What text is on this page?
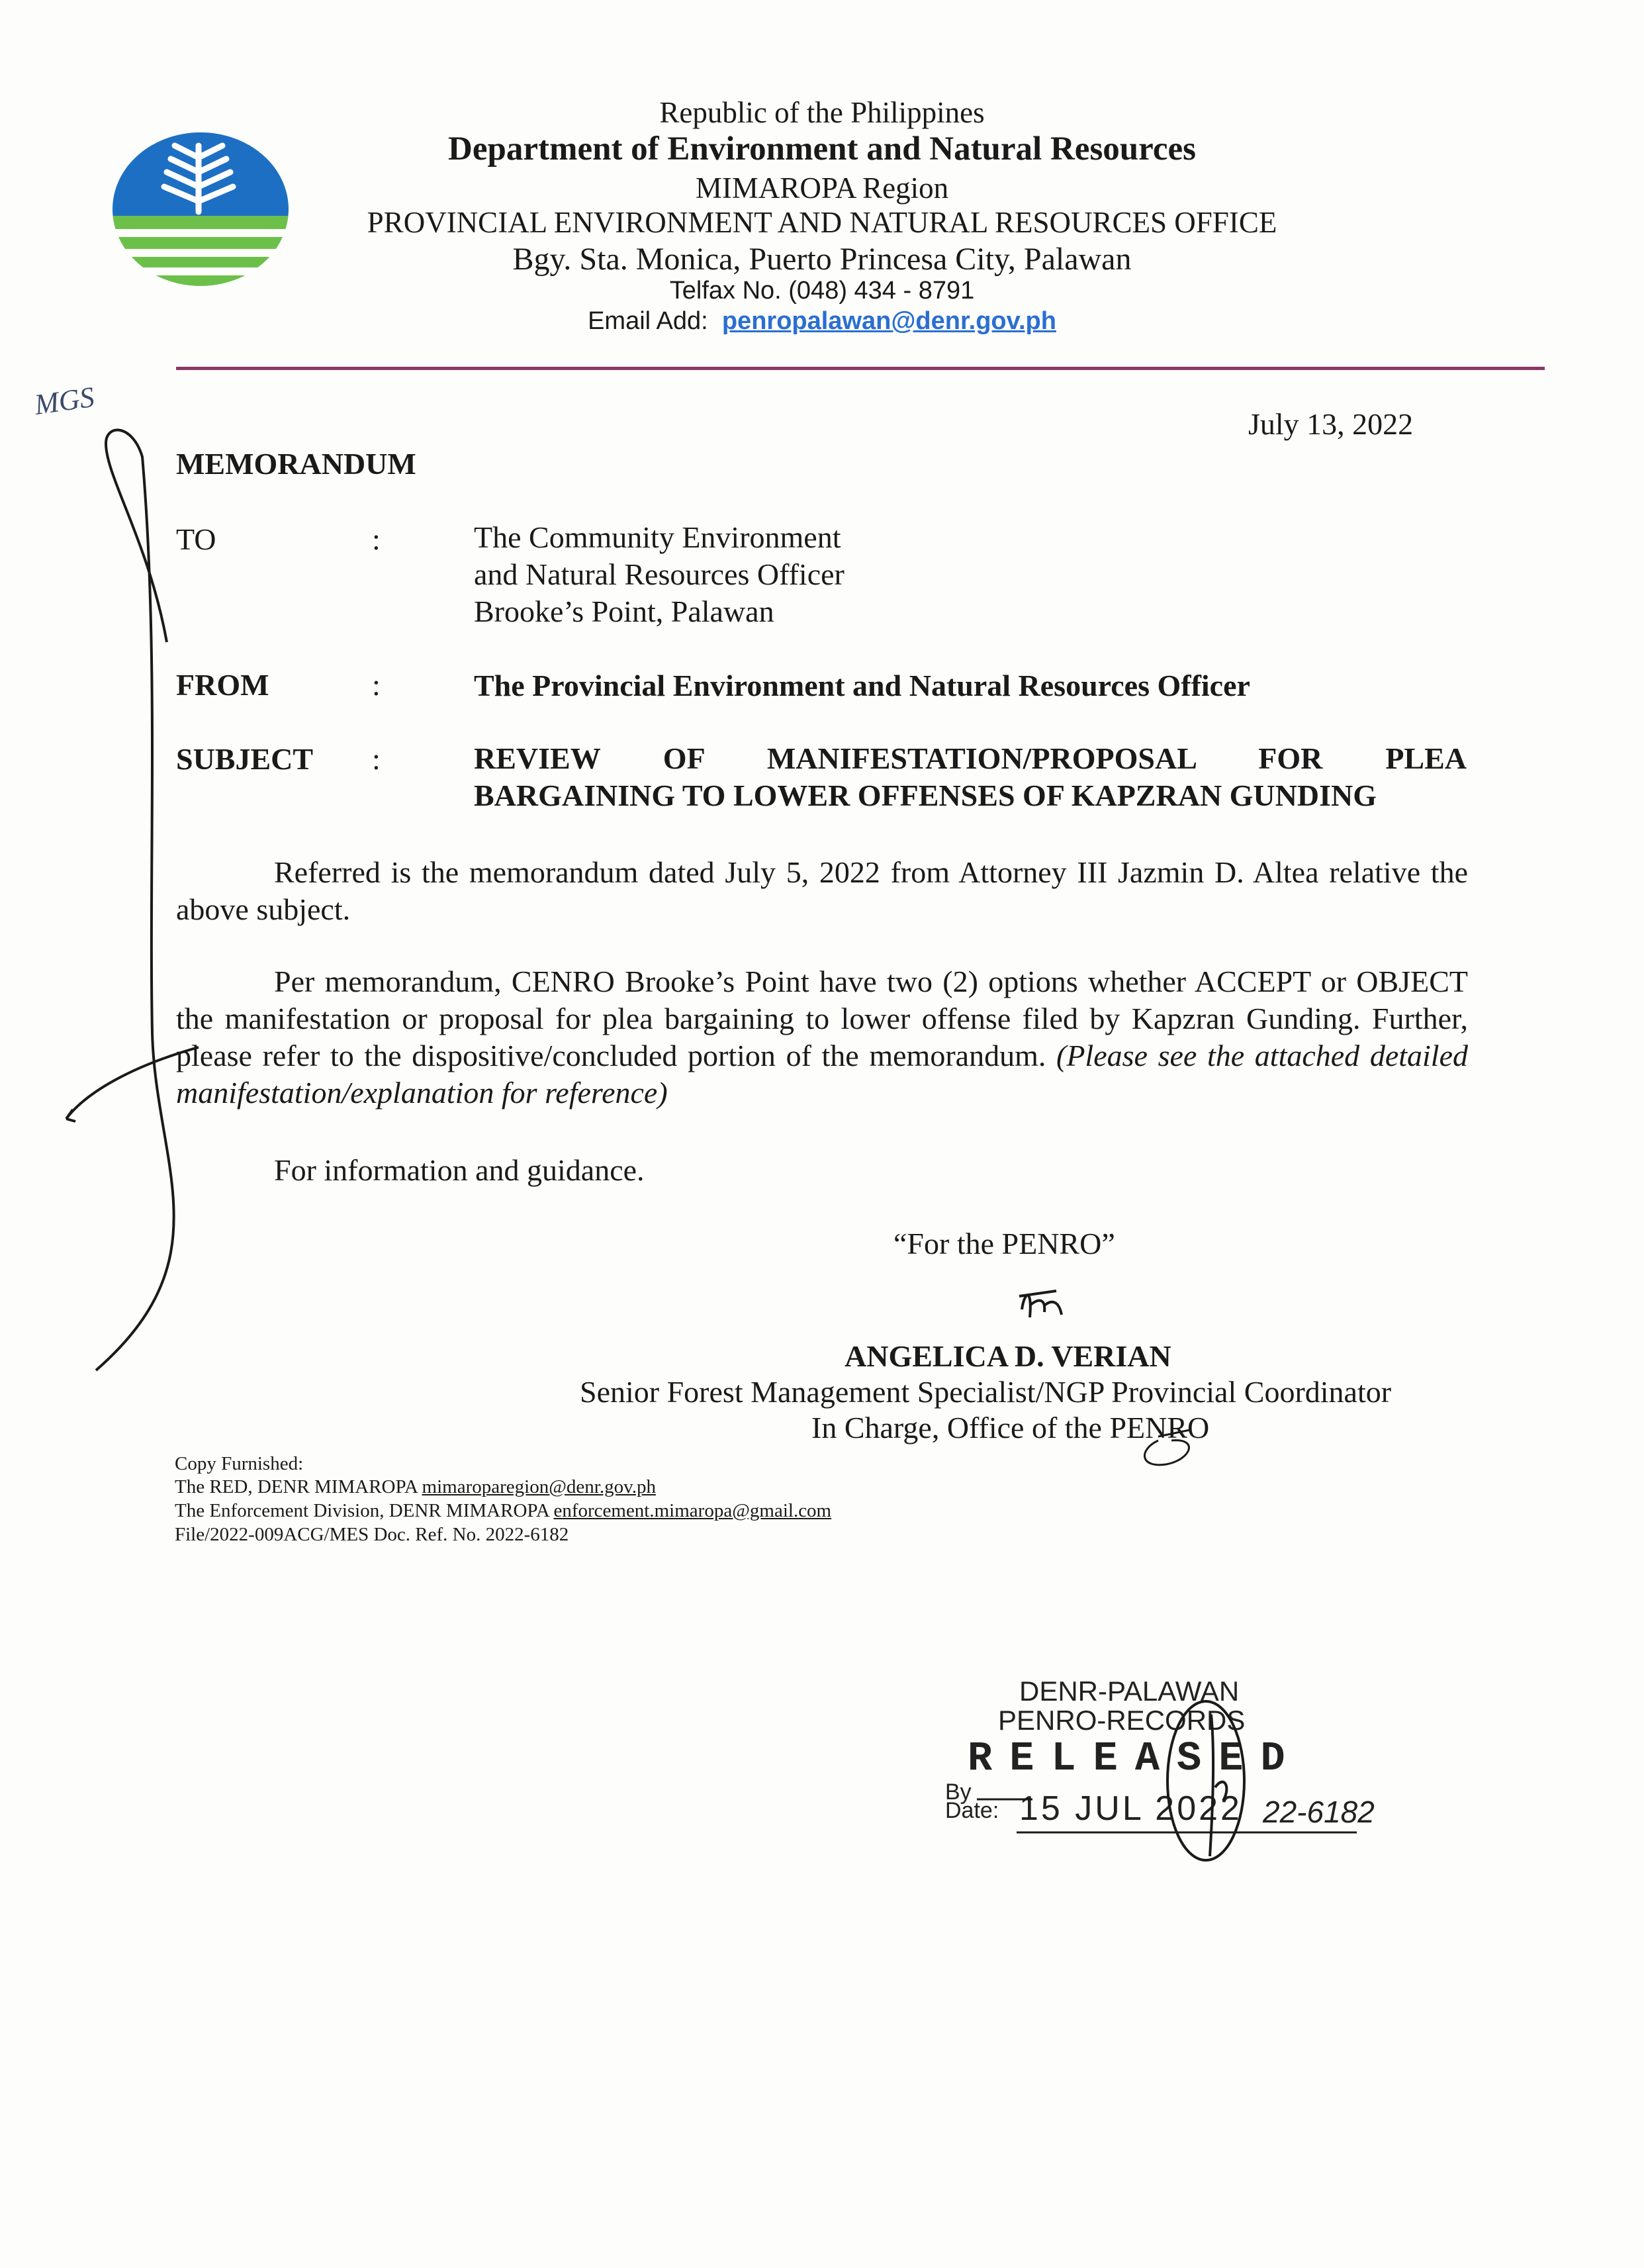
Republic of the Philippines
Department of Environment and Natural Resources
MIMAROPA Region
PROVINCIAL ENVIRONMENT AND NATURAL RESOURCES OFFICE
Bgy. Sta. Monica, Puerto Princesa City, Palawan
Telfax No. (048) 434 - 8791
Email Add: penropalawan@denr.gov.ph
MGS
July 13, 2022
MEMORANDUM
TO	:	The Community Environment
and Natural Resources Officer
Brooke’s Point, Palawan
FROM	:	The Provincial Environment and Natural Resources Officer
SUBJECT :	REVIEW OF MANIFESTATION/PROPOSAL FOR PLEA
BARGAINING TO LOWER OFFENSES OF KAPZRAN GUNDING
Referred is the memorandum dated July 5, 2022 from Attorney III Jazmin D. Altea relative the above subject.
Per memorandum, CENRO Brooke’s Point have two (2) options whether ACCEPT or OBJECT the manifestation or proposal for plea bargaining to lower offense filed by Kapzran Gunding. Further, please refer to the dispositive/concluded portion of the memorandum. (Please see the attached detailed manifestation/explanation for reference)
For information and guidance.
“For the PENRO”
ANGELICA D. VERIAN
Senior Forest Management Specialist/NGP Provincial Coordinator
In Charge, Office of the PENRO
Copy Furnished:
The RED, DENR MIMAROPA mimaroparegion@denr.gov.ph
The Enforcement Division, DENR MIMAROPA enforcement.mimaropa@gmail.com
File/2022-009ACG/MES Doc. Ref. No. 2022-6182
DENR-PALAWAN
PENRO-RECORDS
RELEASED
By
Date: 15 JUL 2022 22-6182
